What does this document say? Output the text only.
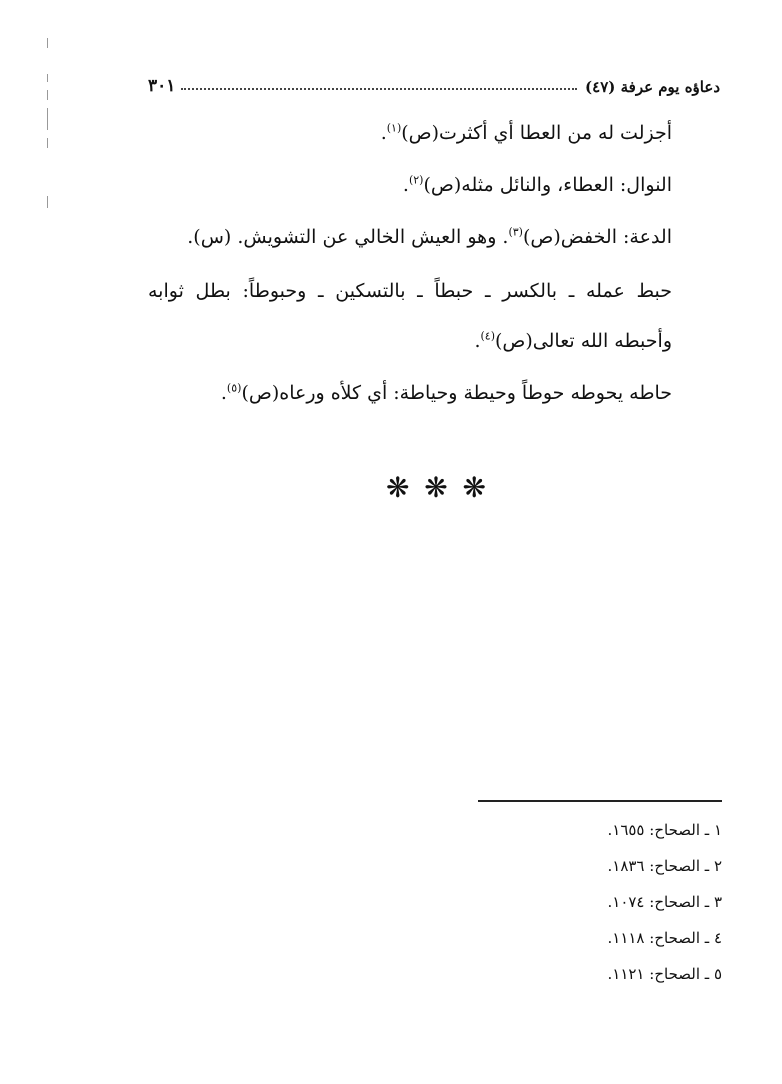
دعاؤه يوم عرفة (٤٧)
٣٠١

أجزلت له من العطا أي أكثرت(ص)$^{(١)}$.

النوال: العطاء، والنائل مثله(ص)$^{(٢)}$.

الدعة: الخفض(ص)$^{(٣)}$. وهو العيش الخالي عن التشويش. (س).

حبط عمله ـ بالكسر ـ حبطاً ـ بالتسكين ـ وحبوطاً: بطل ثوابه وأحبطه الله تعالى(ص)$^{(٤)}$.

حاطه يحوطه حوطاً وحيطة وحياطة: أي كلأه ورعاه(ص)$^{(٥)}$.

❋ ❋ ❋
١ ـ الصحاح: ١٦٥٥.
٢ ـ الصحاح: ١٨٣٦.
٣ ـ الصحاح: ١٠٧٤.
٤ ـ الصحاح: ١١١٨.
٥ ـ الصحاح: ١١٢١.
